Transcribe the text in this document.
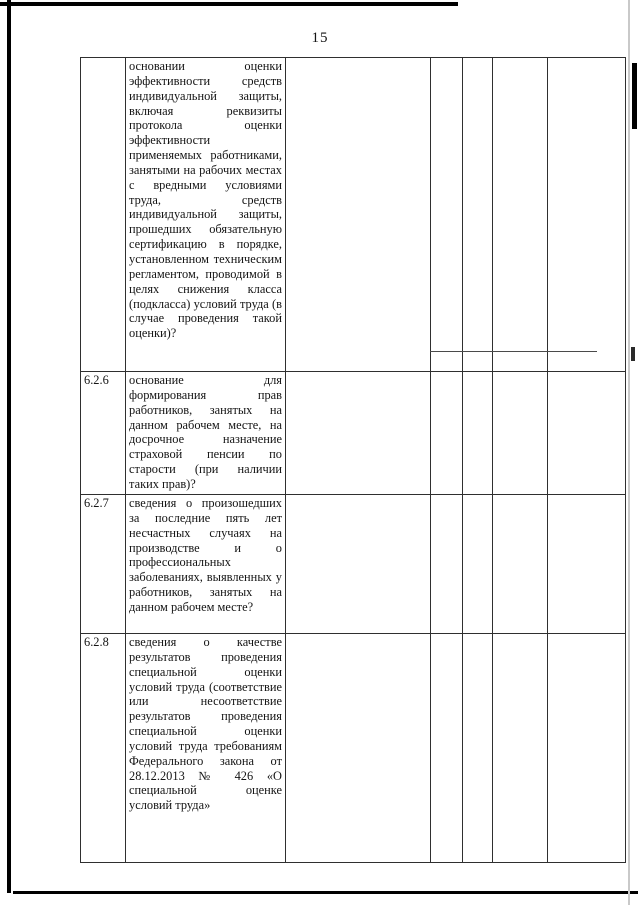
15
	основании оценки эффективности средств индивидуальной защиты, включая реквизиты протокола оценки эффективности применяемых работниками, занятыми на рабочих местах с вредными условиями труда, средств индивидуальной защиты, прошедших обязательную сертификацию в порядке, установленном техническим регламентом, проводимой в целях снижения класса (подкласса) условий труда (в случае проведения такой оценки)?					
6.2.6	основание для формирования прав работников, занятых на данном рабочем месте, на досрочное назначение страховой пенсии по старости (при наличии таких прав)?					
6.2.7	сведения о произошедших за последние пять лет несчастных случаях на производстве и о профессиональных заболеваниях, выявленных у работников, занятых на данном рабочем месте?					
6.2.8	сведения о качестве результатов проведения специальной оценки условий труда (соответствие или несоответствие результатов проведения специальной оценки условий труда требованиям Федерального закона от 28.12.2013 № 426 «О специальной оценке условий труда»					
